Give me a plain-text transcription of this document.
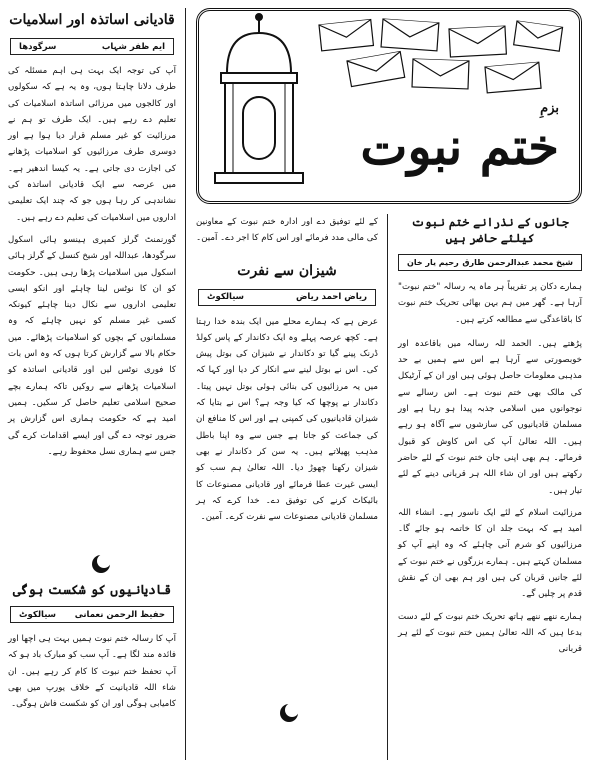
قادیانی اساتذہ اور اسلامیات
ایم ظفر شہاب
سرگودھا

آپ کی توجہ ایک بہت ہی اہم مسئلہ کی طرف دلانا چاہتا ہوں، وہ یہ ہے کہ سکولوں اور کالجوں میں مرزائی اساتذہ اسلامیات کی تعلیم دے رہے ہیں۔ ایک طرف تو ہم نے مرزائیت کو غیر مسلم قرار دیا ہوا ہے اور دوسری طرف مرزائیوں کو اسلامیات پڑھانے کی اجازت دی جاتی ہے۔ یہ کیسا اندھیر ہے۔ میں عرصہ سے ایک قادیانی اساتذہ کی نشاندہی کر رہا ہوں جو کہ چند ایک تعلیمی اداروں میں اسلامیات کی تعلیم دے رہے ہیں۔

گورنمنٹ گرلز کمپری ہینسو ہائی اسکول سرگودھا، عبداللہ اور شیخ کنسل کے گرلز ہائی اسکول میں اسلامیات پڑھا رہی ہیں۔ حکومت کو ان کا نوٹس لینا چاہئے اور انکو ایسی تعلیمی اداروں سے نکال دینا چاہئے کیونکہ کسی غیر مسلم کو نہیں چاہئے کہ وہ مسلمانوں کے بچوں کو اسلامیات پڑھائے۔ میں حکام بالا سے گزارش کرتا ہوں کہ وہ اس بات کا فوری نوٹس لیں اور قادیانی اساتذہ کو اسلامیات پڑھانے سے روکیں تاکہ ہمارے بچے صحیح اسلامی تعلیم حاصل کر سکیں۔ ہمیں امید ہے کہ حکومت ہماری اس گزارش پر ضرور توجہ دے گی اور ایسے اقدامات کرے گی جس سے ہماری نسل محفوظ رہے۔

قادیانیوں کو شکست ہوگی
حفیظ الرحمن نعمانی
سیالکوٹ

آپ کا رسالہ ختم نبوت ہمیں بہت ہی اچھا اور فائدہ مند لگا ہے۔ آپ سب کو مبارک باد ہو کہ آپ تحفظ ختم نبوت کا کام کر رہے ہیں۔ ان شاء اللہ قادیانیت کے خلاف یورپ میں بھی کامیابی ہوگی اور ان کو شکست فاش ہوگی۔

بزمِ
ختم نبوت
کے لئے توفیق دے اور ادارہ ختم نبوت کے معاونین کی مالی مدد فرمائے اور اس کام کا اجر دے۔ آمین۔
شیزان سے نفرت
ریاض احمد ریاض
سیالکوٹ

عرض ہے کہ ہمارے محلے میں ایک بندہ خدا رہتا ہے۔ کچھ عرصہ پہلے وہ ایک دکاندار کے پاس کولڈ ڈرنک پینے گیا تو دکاندار نے شیزان کی بوتل پیش کی۔ اس نے بوتل لینے سے انکار کر دیا اور کہا کہ میں یہ مرزائیوں کی بنائی ہوئی بوتل نہیں پیتا۔ دکاندار نے پوچھا کہ کیا وجہ ہے؟ اس نے بتایا کہ شیزان قادیانیوں کی کمپنی ہے اور اس کا منافع ان کی جماعت کو جاتا ہے جس سے وہ اپنا باطل مذہب پھیلاتے ہیں۔ یہ سن کر دکاندار نے بھی شیزان رکھنا چھوڑ دیا۔ اللہ تعالیٰ ہم سب کو ایسی غیرت عطا فرمائے اور قادیانی مصنوعات کا بائیکاٹ کرنے کی توفیق دے۔ خدا کرے کہ ہر مسلمان قادیانی مصنوعات سے نفرت کرے۔ آمین۔

جانوں کے نذرانے ختم نبوت کیلئے حاضر ہیں
شیخ محمد عبدالرحمن طارق
رحیم یار خان

ہمارے دکان پر تقریباً ہر ماہ یہ رسالہ "ختم نبوت" آرہا ہے۔ گھر میں ہم بہن بھائی تحریک ختم نبوت کا باقاعدگی سے مطالعہ کرتے ہیں۔

پڑھتے ہیں۔ الحمد للہ رسالہ میں باقاعدہ اور خوبصورتی سے آرہا ہے اس سے ہمیں بے حد مذہبی معلومات حاصل ہوئی ہیں اور ان کے آرٹیکل کی مالک بھی ختم نبوت ہے۔ اس رسالے سے نوجوانوں میں اسلامی جذبہ پیدا ہو رہا ہے اور مسلمان قادیانیوں کی سازشوں سے آگاہ ہو رہے ہیں۔ اللہ تعالیٰ آپ کی اس کاوش کو قبول فرمائے۔ ہم بھی اپنی جان ختم نبوت کے لئے حاضر رکھتے ہیں اور ان شاء اللہ ہر قربانی دینے کے لئے تیار ہیں۔

مرزائیت اسلام کے لئے ایک ناسور ہے۔ انشاء اللہ امید ہے کہ بہت جلد ان کا خاتمہ ہو جائے گا۔ مرزائیوں کو شرم آنی چاہئے کہ وہ اپنے آپ کو مسلمان کہتے ہیں۔ ہمارے بزرگوں نے ختم نبوت کے لئے جانیں قربان کی ہیں اور ہم بھی ان کے نقش قدم پر چلیں گے۔

ہمارے ننھے ننھے ہاتھ تحریک ختم نبوت کے لئے دست بدعا ہیں کہ اللہ تعالیٰ ہمیں ختم نبوت کے لئے ہر قربانی
